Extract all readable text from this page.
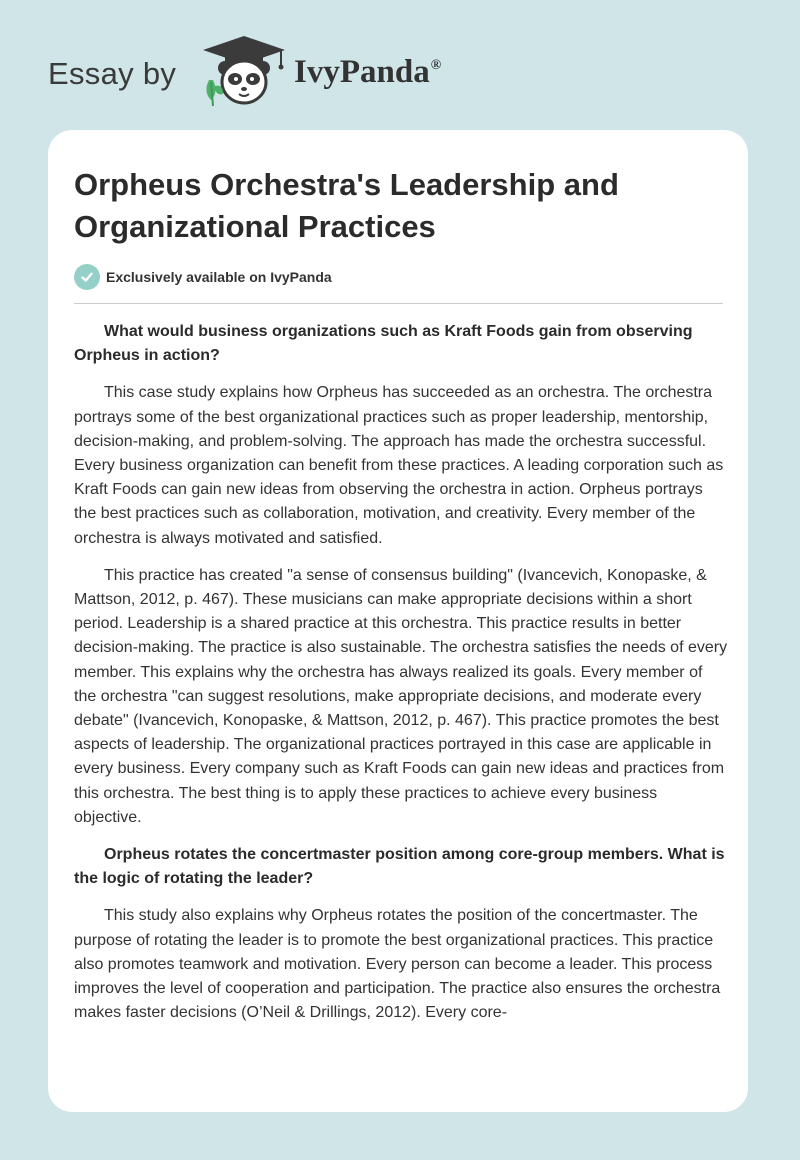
Essay by	IvyPanda®
Orpheus Orchestra's Leadership and Organizational Practices
Exclusively available on IvyPanda

What would business organizations such as Kraft Foods gain from observing Orpheus in action?

This case study explains how Orpheus has succeeded as an orchestra. The orchestra portrays some of the best organizational practices such as proper leadership, mentorship, decision-making, and problem-solving. The approach has made the orchestra successful. Every business organization can benefit from these practices. A leading corporation such as Kraft Foods can gain new ideas from observing the orchestra in action. Orpheus portrays the best practices such as collaboration, motivation, and creativity. Every member of the orchestra is always motivated and satisfied.

This practice has created "a sense of consensus building" (Ivancevich, Konopaske, & Mattson, 2012, p. 467). These musicians can make appropriate decisions within a short period. Leadership is a shared practice at this orchestra. This practice results in better decision-making. The practice is also sustainable. The orchestra satisfies the needs of every member. This explains why the orchestra has always realized its goals. Every member of the orchestra "can suggest resolutions, make appropriate decisions, and moderate every debate" (Ivancevich, Konopaske, & Mattson, 2012, p. 467). This practice promotes the best aspects of leadership. The organizational practices portrayed in this case are applicable in every business. Every company such as Kraft Foods can gain new ideas and practices from this orchestra. The best thing is to apply these practices to achieve every business objective.

Orpheus rotates the concertmaster position among core-group members. What is the logic of rotating the leader?

This study also explains why Orpheus rotates the position of the concertmaster. The purpose of rotating the leader is to promote the best organizational practices. This practice also promotes teamwork and motivation. Every person can become a leader. This process improves the level of cooperation and participation. The practice also ensures the orchestra makes faster decisions (O’Neil & Drillings, 2012). Every core-
